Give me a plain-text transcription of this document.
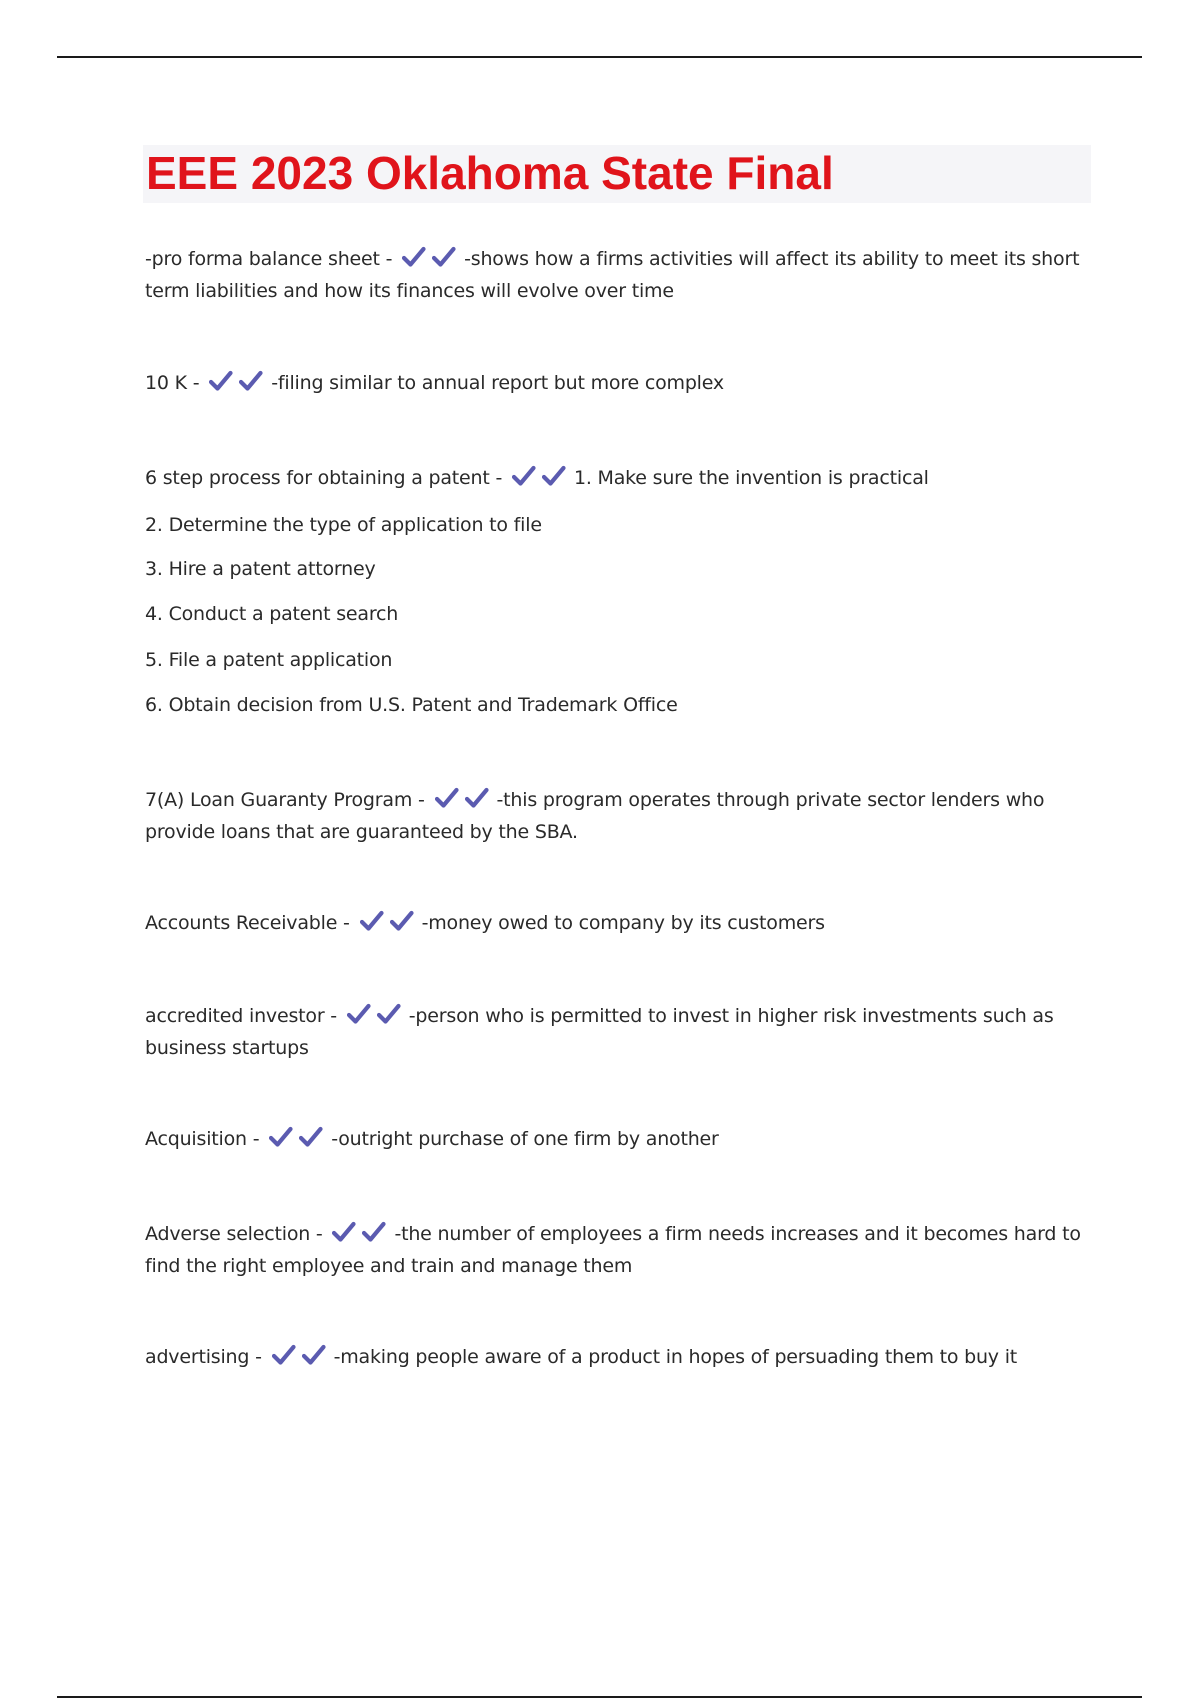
EEE 2023 Oklahoma State Final
-pro forma balance sheet -	-shows how a firms activities will affect its ability to meet its short term liabilities and how its finances will evolve over time
10 K -	-filing similar to annual report but more complex
6 step process for obtaining a patent -	1. Make sure the invention is practical
2. Determine the type of application to file
3. Hire a patent attorney
4. Conduct a patent search
5. File a patent application
6. Obtain decision from U.S. Patent and Trademark Office
7(A) Loan Guaranty Program -	-this program operates through private sector lenders who provide loans that are guaranteed by the SBA.
Accounts Receivable -	-money owed to company by its customers
accredited investor -	-person who is permitted to invest in higher risk investments such as business startups
Acquisition -	-outright purchase of one firm by another
Adverse selection -	-the number of employees a firm needs increases and it becomes hard to find the right employee and train and manage them
advertising -	-making people aware of a product in hopes of persuading them to buy it
